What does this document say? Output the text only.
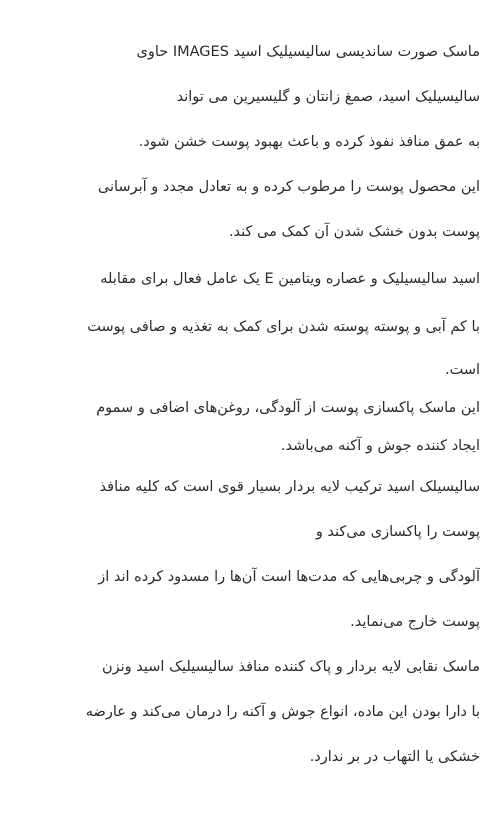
ماسک صورت ساندیسی سالیسیلیک اسید IMAGES حاوی
سالیسیلیک اسید، صمغ زانتان و گلیسیرین می تواند
به عمق منافذ نفوذ کرده و باعث بهبود پوست خشن شود.
این محصول پوست را مرطوب کرده و به تعادل مجدد و آبرسانی
پوست بدون خشک شدن آن کمک می کند.
اسید سالیسیلیک و عصاره ویتامین E یک عامل فعال برای مقابله
با کم آبی و پوسته پوسته شدن برای کمک به تغذیه و صافی پوست
است.
این ماسک پاکسازی پوست از آلودگی، روغن‌های اضافی و سموم
ایجاد کننده جوش و آکنه می‌باشد.
سالیسیلک اسید ترکیب لایه بردار بسیار قوی است که کلیه منافذ
پوست را پاکسازی می‌کند و
آلودگی و چربی‌هایی که مدت‌ها است آن‌ها را مسدود کرده اند از
پوست خارج می‌نماید.
ماسک نقابی لایه بردار و پاک کننده منافذ سالیسیلیک اسید ونزن
با دارا بودن این ماده، انواع جوش و آکنه را درمان می‌کند و عارضه
خشکی یا التهاب در بر ندارد.
